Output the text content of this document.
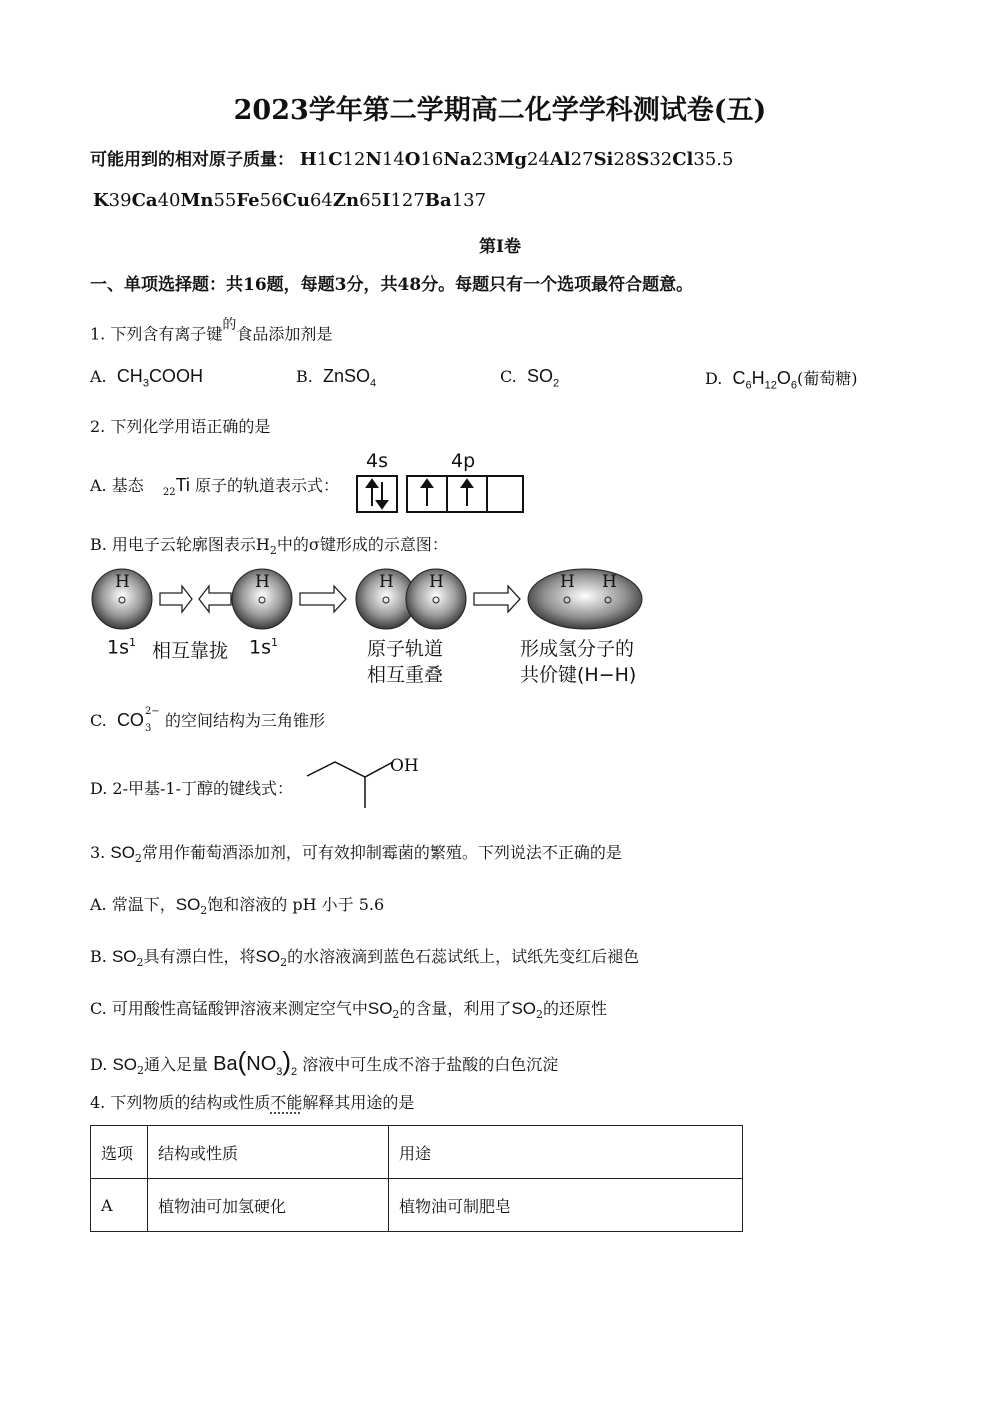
2023学年第二学期高二化学学科测试卷(五)
可能用到的相对原子质量： H1C12N14O16Na23Mg24Al27Si28S32Cl35.5
K39Ca40Mn55Fe56Cu64Zn65I127Ba137
第Ⅰ卷
一、单项选择题：共16题，每题3分，共48分。每题只有一个选项最符合题意。
1. 下列含有离子键$^的$食品添加剂是
A. $CH_3COOH$	B. ZnSO$_4$	C. $SO_2$	D. $C_6H_{12}O_6$(葡萄糖)
2. 下列化学用语正确的是
A. 基态 $_{22}$Ti 原子的轨道表示式：
4s	4p
B. 用电子云轮廓图表示$H_2$中的σ键形成的示意图：
H	H	H H	H H
$1s^1$ 相互靠拢 $1s^1$	原子轨道
相互重叠
形成氢分子的
共价键(H−H)
C. CO 2−
3 的空间结构为三角锥形
D. 2-甲基-1-丁醇的键线式：
OH
3. $SO_2$常用作葡萄酒添加剂，可有效抑制霉菌的繁殖。下列说法不正确的是
A. 常温下，$SO_2$饱和溶液的 pH 小于 5.6
B. $SO_2$具有漂白性，将$SO_2$的水溶液滴到蓝色石蕊试纸上，试纸先变红后褪色
C. 可用酸性高锰酸钾溶液来测定空气中$SO_2$的含量，利用了$SO_2$的还原性
D. $SO_2$通入足量 $Ba(NO_3)_2$ 溶液中可生成不溶于盐酸的白色沉淀
4. 下列物质的结构或性质不能解释其用途的是
选项	结构或性质	用途
A	植物油可加氢硬化	植物油可制肥皂
